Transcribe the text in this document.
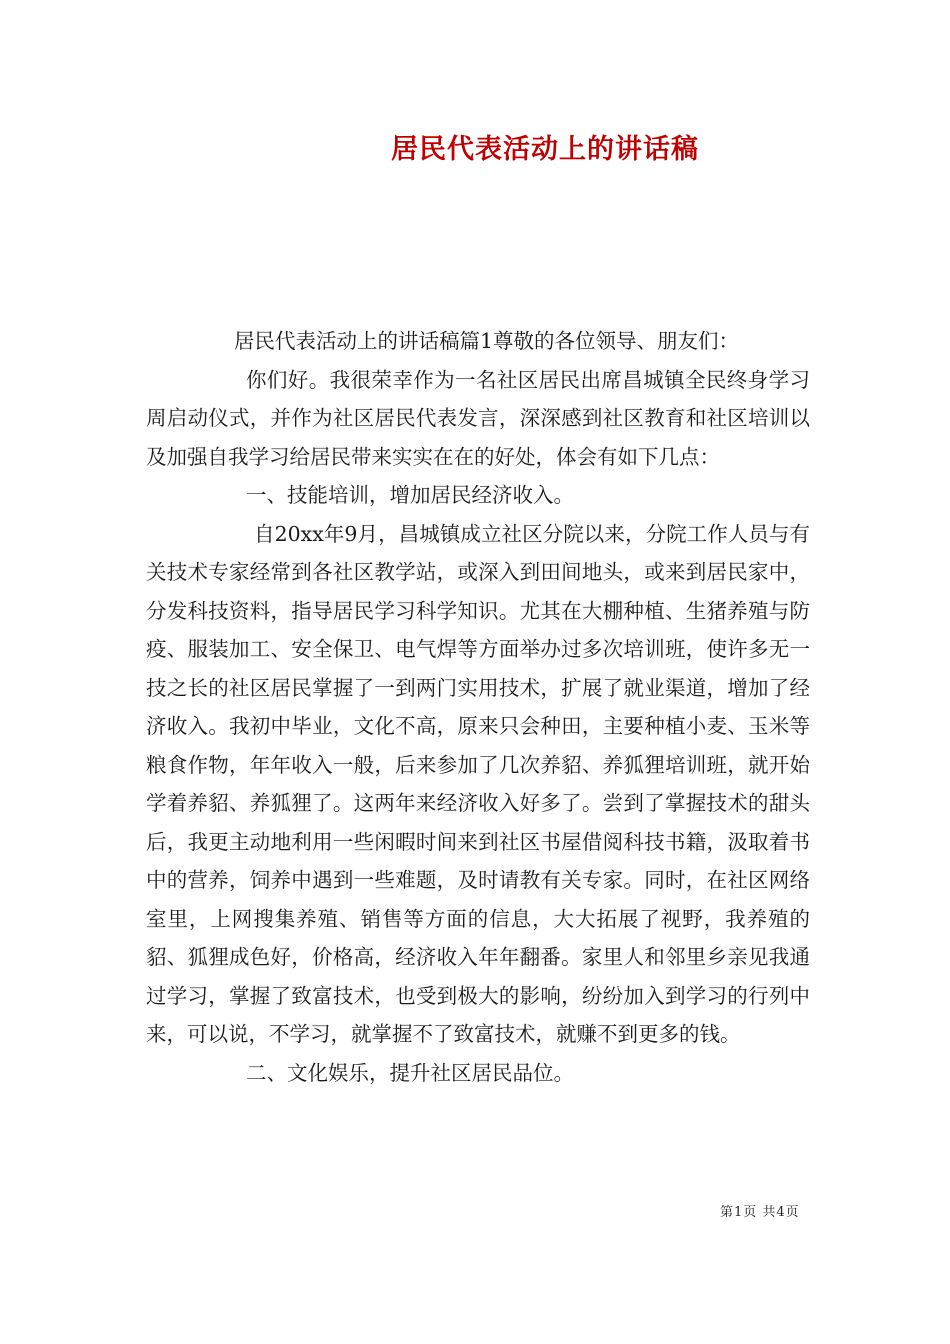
居民代表活动上的讲话稿

居民代表活动上的讲话稿篇1尊敬的各位领导、朋友们：

你们好。我很荣幸作为一名社区居民出席昌城镇全民终身学习周启动仪式，并作为社区居民代表发言，深深感到社区教育和社区培训以及加强自我学习给居民带来实实在在的好处，体会有如下几点：

一、技能培训，增加居民经济收入。

自20xx年9月，昌城镇成立社区分院以来，分院工作人员与有关技术专家经常到各社区教学站，或深入到田间地头，或来到居民家中，分发科技资料，指导居民学习科学知识。尤其在大棚种植、生猪养殖与防疫、服装加工、安全保卫、电气焊等方面举办过多次培训班，使许多无一技之长的社区居民掌握了一到两门实用技术，扩展了就业渠道，增加了经济收入。我初中毕业，文化不高，原来只会种田，主要种植小麦、玉米等粮食作物，年年收入一般，后来参加了几次养貂、养狐狸培训班，就开始学着养貂、养狐狸了。这两年来经济收入好多了。尝到了掌握技术的甜头后，我更主动地利用一些闲暇时间来到社区书屋借阅科技书籍，汲取着书中的营养，饲养中遇到一些难题，及时请教有关专家。同时，在社区网络室里，上网搜集养殖、销售等方面的信息，大大拓展了视野，我养殖的貂、狐狸成色好，价格高，经济收入年年翻番。家里人和邻里乡亲见我通过学习，掌握了致富技术，也受到极大的影响，纷纷加入到学习的行列中来，可以说，不学习，就掌握不了致富技术，就赚不到更多的钱。

二、文化娱乐，提升社区居民品位。

第1页 共4页
